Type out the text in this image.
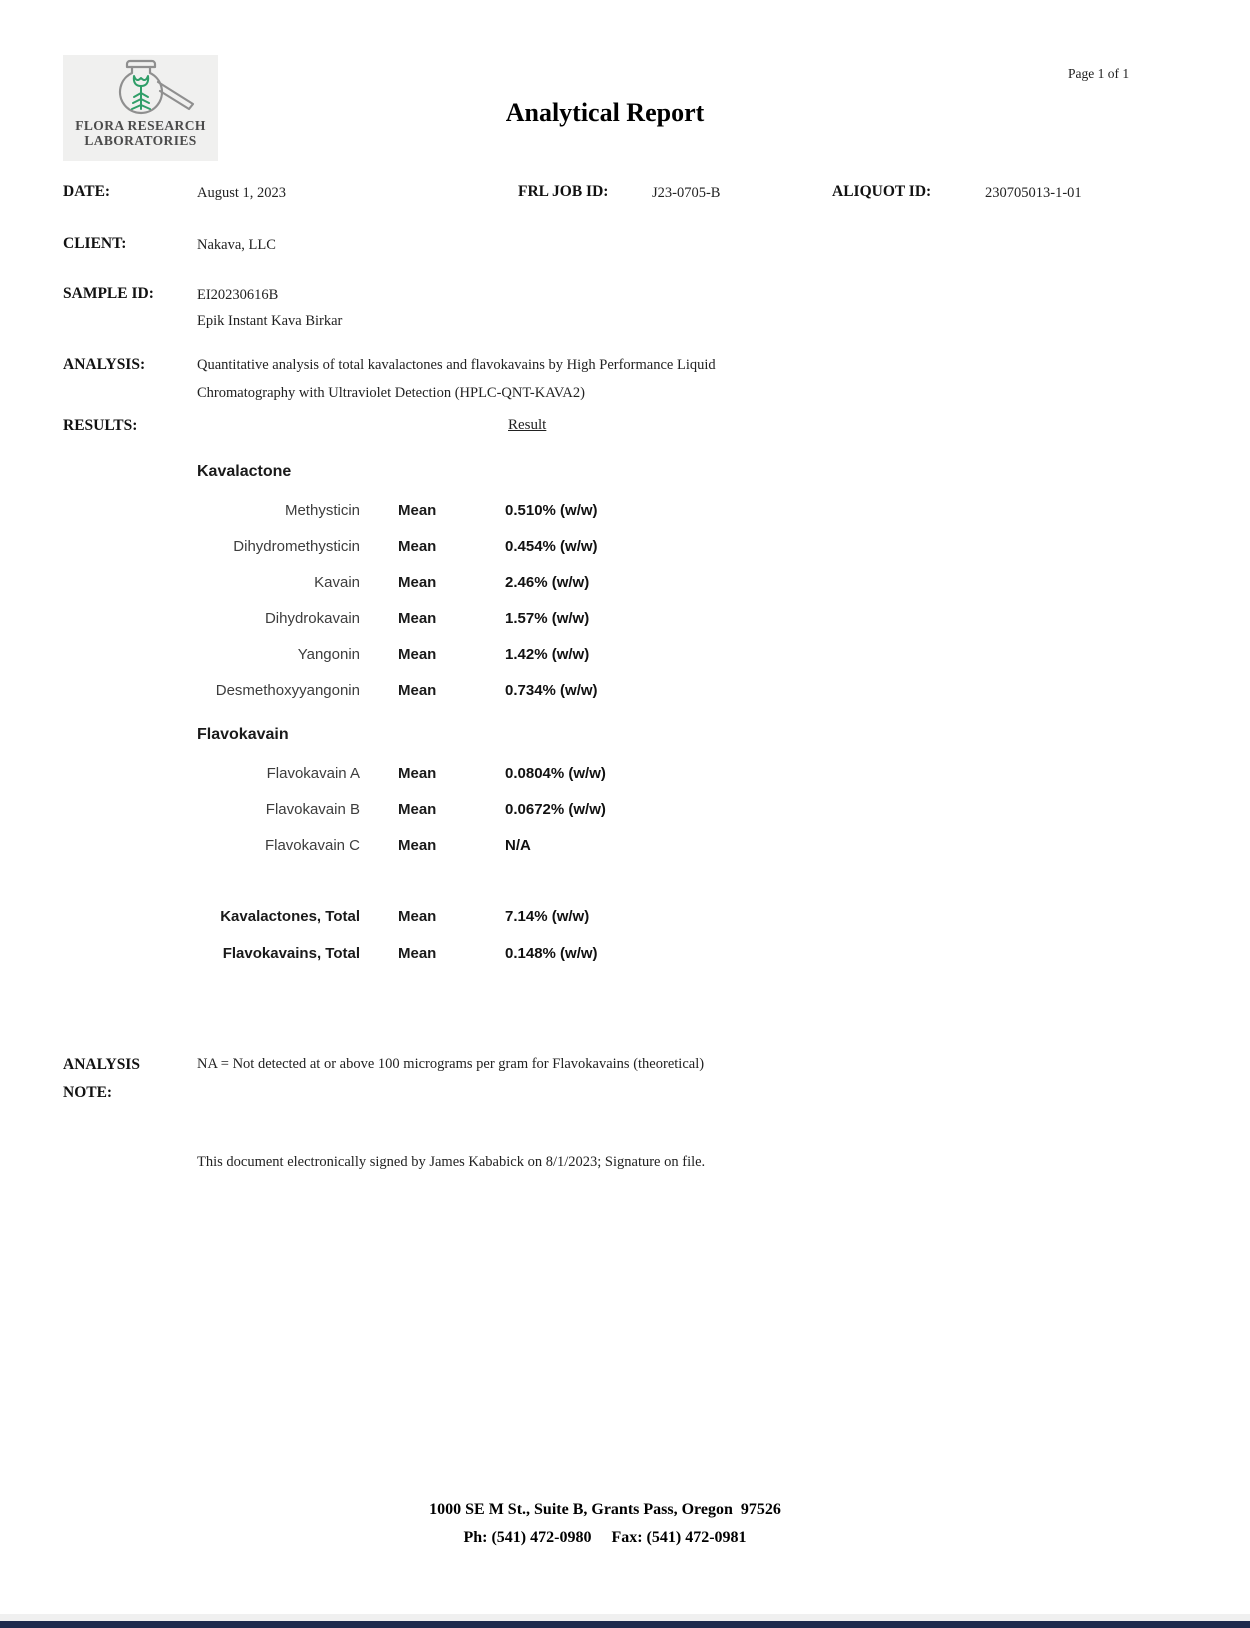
FLORA RESEARCH
LABORATORIES
Page 1 of 1
Analytical Report
DATE:	August 1, 2023	FRL JOB ID:	J23-0705-B	ALIQUOT ID:	230705013-1-01
CLIENT:	Nakava, LLC
SAMPLE ID:	EI20230616B
Epik Instant Kava Birkar
ANALYSIS:	Quantitative analysis of total kavalactones and flavokavains by High Performance Liquid
Chromatography with Ultraviolet Detection (HPLC-QNT-KAVA2)
RESULTS:	Result
Kavalactone
Methysticin	Mean	0.510% (w/w)
Dihydromethysticin	Mean	0.454% (w/w)
Kavain	Mean	2.46% (w/w)
Dihydrokavain	Mean	1.57% (w/w)
Yangonin	Mean	1.42% (w/w)
Desmethoxyyangonin	Mean	0.734% (w/w)
Flavokavain
Flavokavain A	Mean	0.0804% (w/w)
Flavokavain B	Mean	0.0672% (w/w)
Flavokavain C	Mean	N/A
Kavalactones, Total	Mean	7.14% (w/w)
Flavokavains, Total	Mean	0.148% (w/w)
ANALYSIS
NOTE:
NA = Not detected at or above 100 micrograms per gram for Flavokavains (theoretical)
This document electronically signed by James Kababick on 8/1/2023; Signature on file.
1000 SE M St., Suite B, Grants Pass, Oregon  97526
Ph: (541) 472-0980     Fax: (541) 472-0981
